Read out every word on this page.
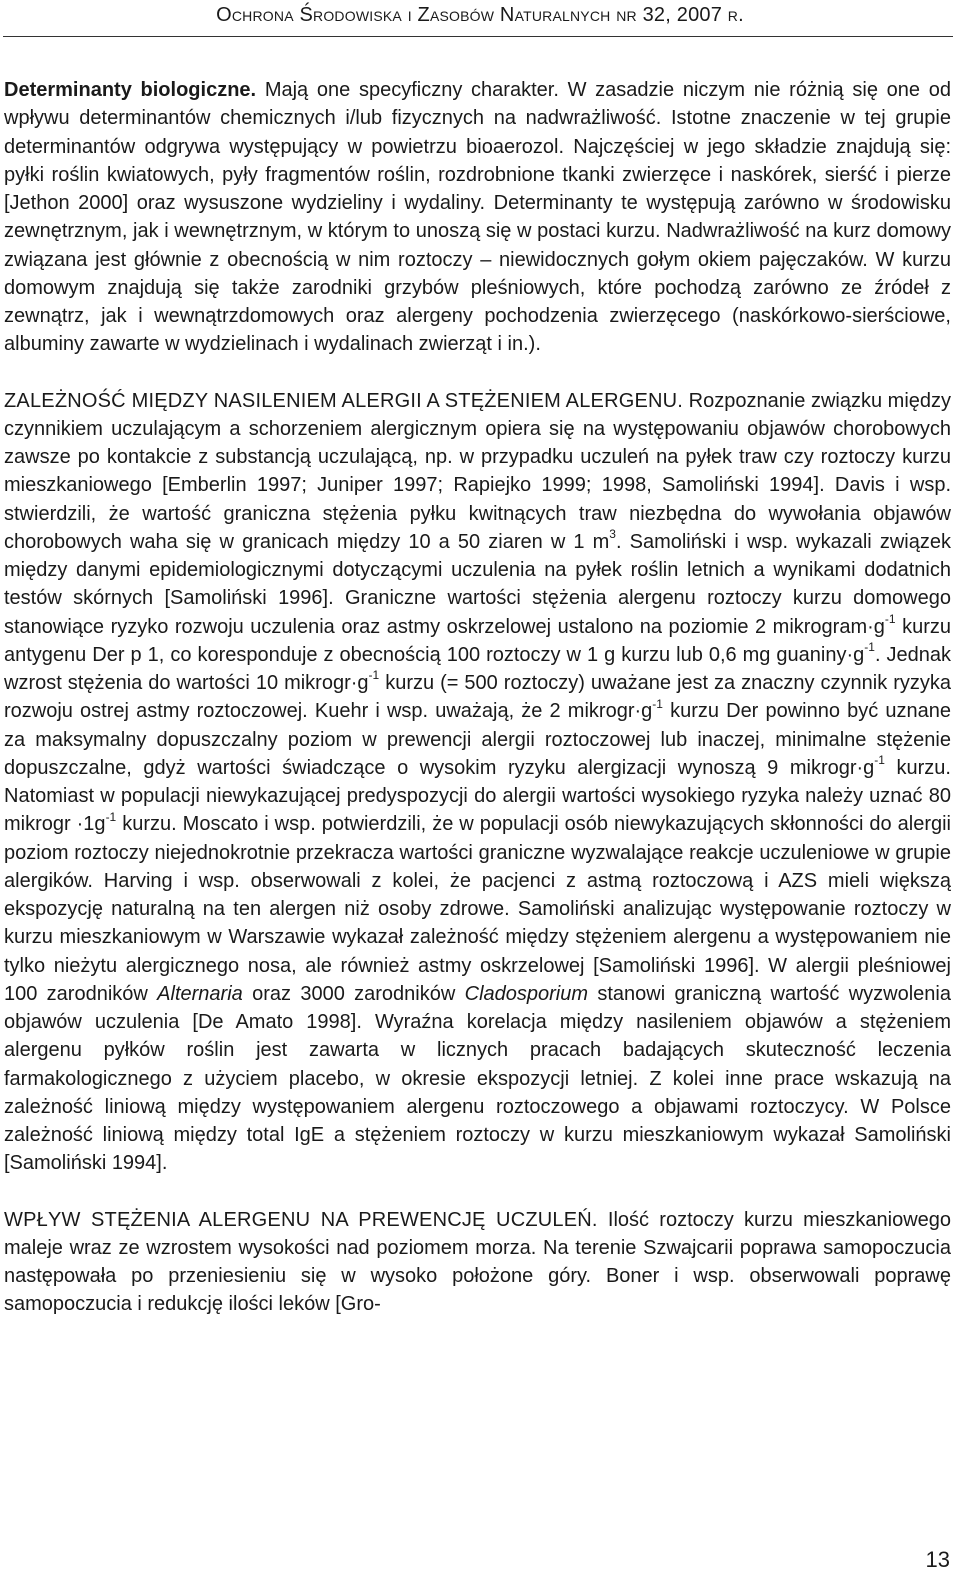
Ochrona Środowiska i Zasobów Naturalnych nr 32, 2007 r.

Determinanty biologiczne. Mają one specyficzny charakter. W zasadzie niczym nie różnią się one od wpływu determinantów chemicznych i/lub fizycznych na nadwrażliwość. Istotne znaczenie w tej grupie determinantów odgrywa występujący w powietrzu bioaerozol. Najczęściej w jego składzie znajdują się: pyłki roślin kwiatowych, pyły fragmentów roślin, rozdrobnione tkanki zwierzęce i naskórek, sierść i pierze [Jethon 2000] oraz wysuszone wydzieliny i wydaliny. Determinanty te występują zarówno w środowisku zewnętrznym, jak i wewnętrznym, w którym to unoszą się w postaci kurzu. Nadwrażliwość na kurz domowy związana jest głównie z obecnością w nim roztoczy – niewidocznych gołym okiem pajęczaków. W kurzu domowym znajdują się także zarodniki grzybów pleśniowych, które pochodzą zarówno ze źródeł z zewnątrz, jak i wewnątrzdomowych oraz alergeny pochodzenia zwierzęcego (naskórkowo-sierściowe, albuminy zawarte w wydzielinach i wydalinach zwierząt i in.).

ZALEŻNOŚĆ MIĘDZY NASILENIEM ALERGII A STĘŻENIEM ALERGENU. Rozpoznanie związku między czynnikiem uczulającym a schorzeniem alergicznym opiera się na występowaniu objawów chorobowych zawsze po kontakcie z substancją uczulającą, np. w przypadku uczuleń na pyłek traw czy roztoczy kurzu mieszkaniowego [Emberlin 1997; Juniper 1997; Rapiejko 1999; 1998, Samoliński 1994]. Davis i wsp. stwierdzili, że wartość graniczna stężenia pyłku kwitnących traw niezbędna do wywołania objawów chorobowych waha się w granicach między 10 a 50 ziaren w 1 $m^3$. Samoliński i wsp. wykazali związek między danymi epidemiologicznymi dotyczącymi uczulenia na pyłek roślin letnich a wynikami dodatnich testów skórnych [Samoliński 1996]. Graniczne wartości stężenia alergenu roztoczy kurzu domowego stanowiące ryzyko rozwoju uczulenia oraz astmy oskrzelowej ustalono na poziomie 2 $mikrogram\cdot g^{-1}$ kurzu antygenu Der p 1, co koresponduje z obecnością 100 roztoczy w 1 g kurzu lub 0,6 mg $guaniny\cdot g^{-1}$. Jednak wzrost stężenia do wartości 10 $mikrogr\cdot g^{-1}$ kurzu (= 500 roztoczy) uważane jest za znaczny czynnik ryzyka rozwoju ostrej astmy roztoczowej. Kuehr i wsp. uważają, że 2 $mikrogr\cdot g^{-1}$ kurzu Der powinno być uznane za maksymalny dopuszczalny poziom w prewencji alergii roztoczowej lub inaczej, minimalne stężenie dopuszczalne, gdyż wartości świadczące o wysokim ryzyku alergizacji wynoszą 9 $mikrogr\cdot g^{-1}$ kurzu. Natomiast w populacji niewykazującej predyspozycji do alergii wartości wysokiego ryzyka należy uznać 80 mikrogr $\cdot 1g^{-1}$ kurzu. Moscato i wsp. potwierdzili, że w populacji osób niewykazujących skłonności do alergii poziom roztoczy niejednokrotnie przekracza wartości graniczne wyzwalające reakcje uczuleniowe w grupie alergików. Harving i wsp. obserwowali z kolei, że pacjenci z astmą roztoczową i AZS mieli większą ekspozycję naturalną na ten alergen niż osoby zdrowe. Samoliński analizując występowanie roztoczy w kurzu mieszkaniowym w Warszawie wykazał zależność między stężeniem alergenu a występowaniem nie tylko nieżytu alergicznego nosa, ale również astmy oskrzelowej [Samoliński 1996]. W alergii pleśniowej 100 zarodników Alternaria oraz 3000 zarodników Cladosporium stanowi graniczną wartość wyzwolenia objawów uczulenia [De Amato 1998]. Wyraźna korelacja między nasileniem objawów a stężeniem alergenu pyłków roślin jest zawarta w licznych pracach badających skuteczność leczenia farmakologicznego z użyciem placebo, w okresie ekspozycji letniej. Z kolei inne prace wskazują na zależność liniową między występowaniem alergenu roztoczowego a objawami roztoczycy. W Polsce zależność liniową między total IgE a stężeniem roztoczy w kurzu mieszkaniowym wykazał Samoliński [Samoliński 1994].

WPŁYW STĘŻENIA ALERGENU NA PREWENCJĘ UCZULEŃ. Ilość roztoczy kurzu mieszkaniowego maleje wraz ze wzrostem wysokości nad poziomem morza. Na terenie Szwajcarii poprawa samopoczucia następowała po przeniesieniu się w wysoko położone góry. Boner i wsp. obserwowali poprawę samopoczucia i redukcję ilości leków [Gro-

13
